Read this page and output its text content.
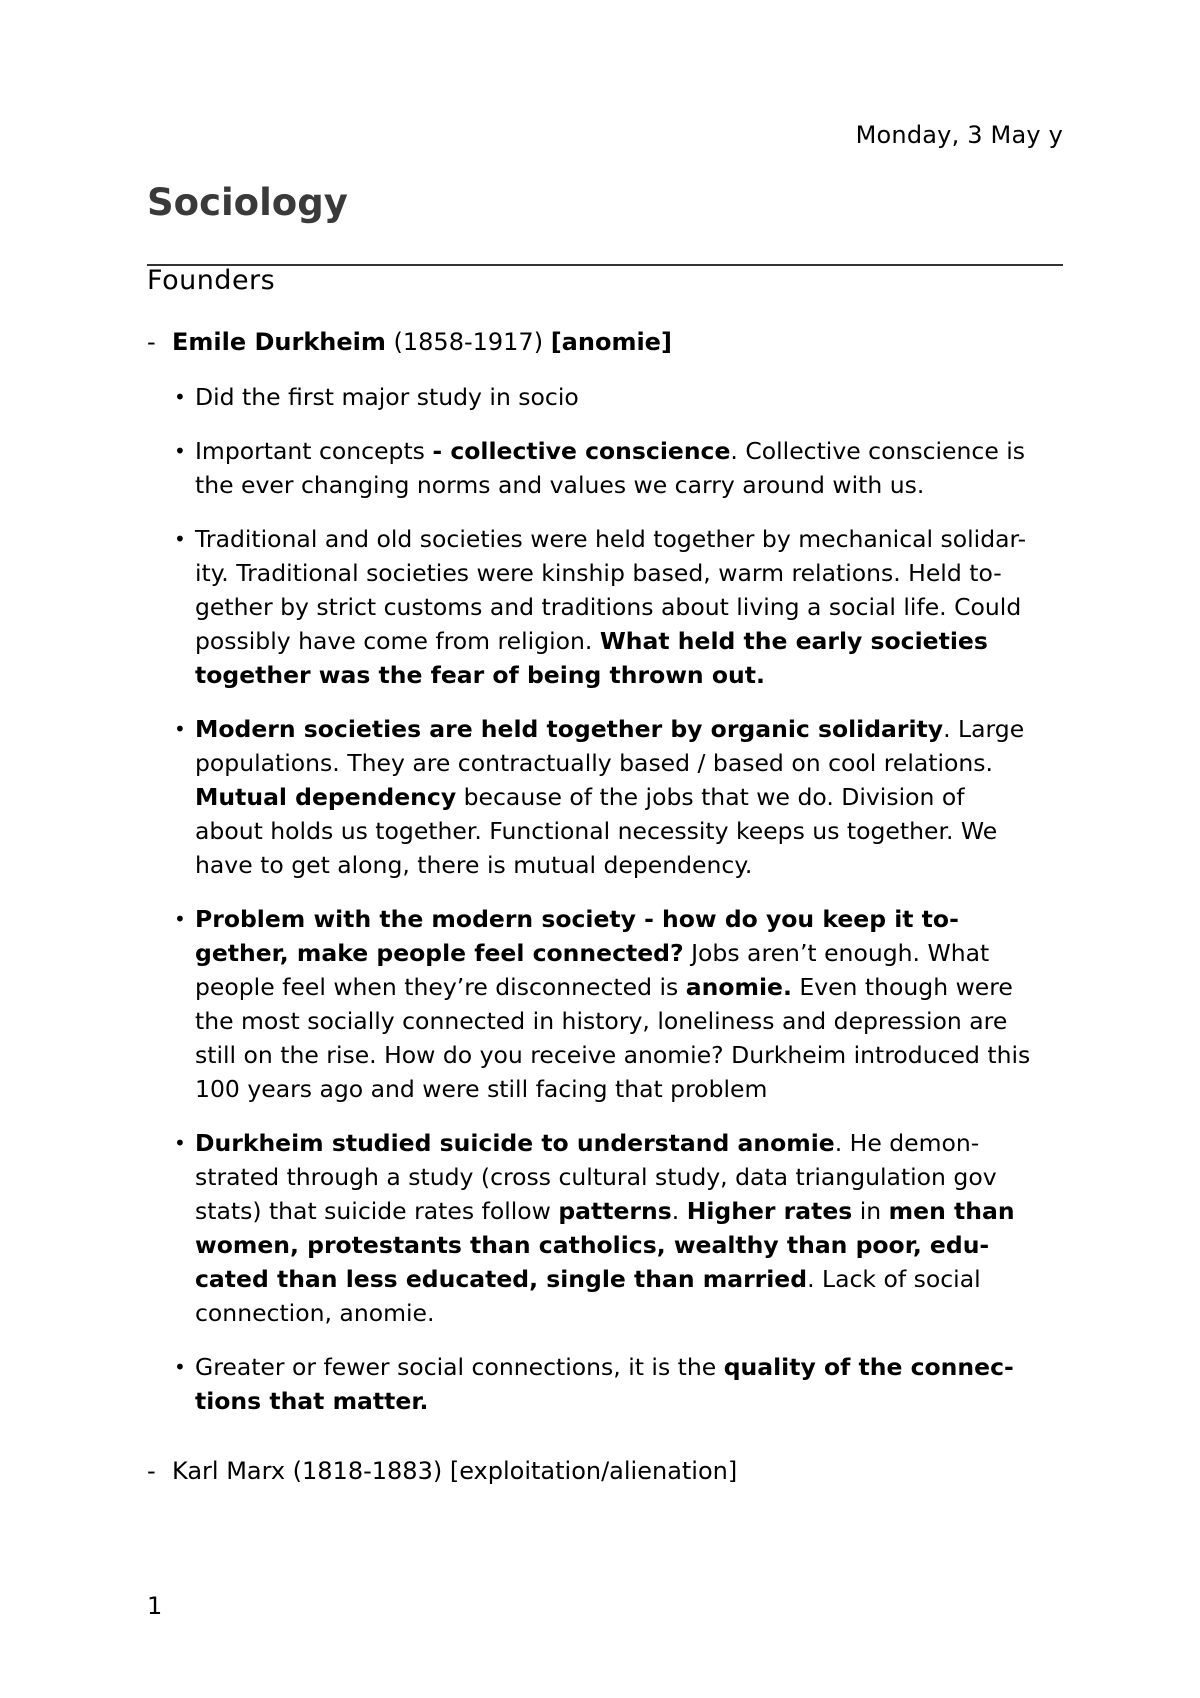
Monday, 3 May y
Sociology
Founders
- Emile Durkheim (1858-1917) [anomie]
• Did the first major study in socio
• Important concepts - collective conscience. Collective conscience is
the ever changing norms and values we carry around with us.
• Traditional and old societies were held together by mechanical solidar-
ity. Traditional societies were kinship based, warm relations. Held to-
gether by strict customs and traditions about living a social life. Could
possibly have come from religion. What held the early societies
together was the fear of being thrown out.
• Modern societies are held together by organic solidarity. Large
populations. They are contractually based / based on cool relations.
Mutual dependency because of the jobs that we do. Division of
about holds us together. Functional necessity keeps us together. We
have to get along, there is mutual dependency.
• Problem with the modern society - how do you keep it to-
gether, make people feel connected? Jobs aren’t enough. What
people feel when they’re disconnected is anomie. Even though were
the most socially connected in history, loneliness and depression are
still on the rise. How do you receive anomie? Durkheim introduced this
100 years ago and were still facing that problem
• Durkheim studied suicide to understand anomie. He demon-
strated through a study (cross cultural study, data triangulation gov
stats) that suicide rates follow patterns. Higher rates in men than
women, protestants than catholics, wealthy than poor, edu-
cated than less educated, single than married. Lack of social
connection, anomie.
• Greater or fewer social connections, it is the quality of the connec-
tions that matter.
- Karl Marx (1818-1883) [exploitation/alienation]
1
